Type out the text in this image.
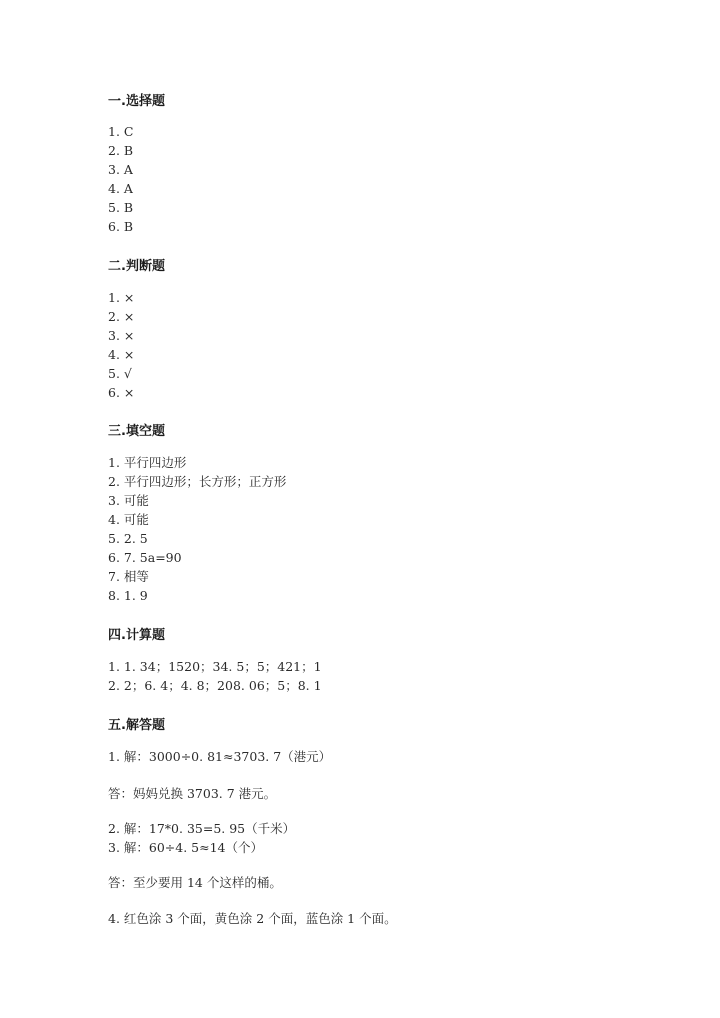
一.选择题
1. C
2. B
3. A
4. A
5. B
6. B
二.判断题
1. ×
2. ×
3. ×
4. ×
5. √
6. ×
三.填空题
1. 平行四边形
2. 平行四边形；长方形；正方形
3. 可能
4. 可能
5. 2. 5
6. 7. 5a=90
7. 相等
8. 1. 9
四.计算题
1. 1. 34；1520；34. 5；5；421；1
2. 2；6. 4；4. 8；208. 06；5；8. 1
五.解答题
1. 解：3000÷0. 81≈3703. 7（港元）
答：妈妈兑换 3703. 7 港元。
2. 解：17*0. 35=5. 95（千米）
3. 解：60÷4. 5≈14（个）
答：至少要用 14 个这样的桶。
4. 红色涂 3 个面，黄色涂 2 个面，蓝色涂 1 个面。
